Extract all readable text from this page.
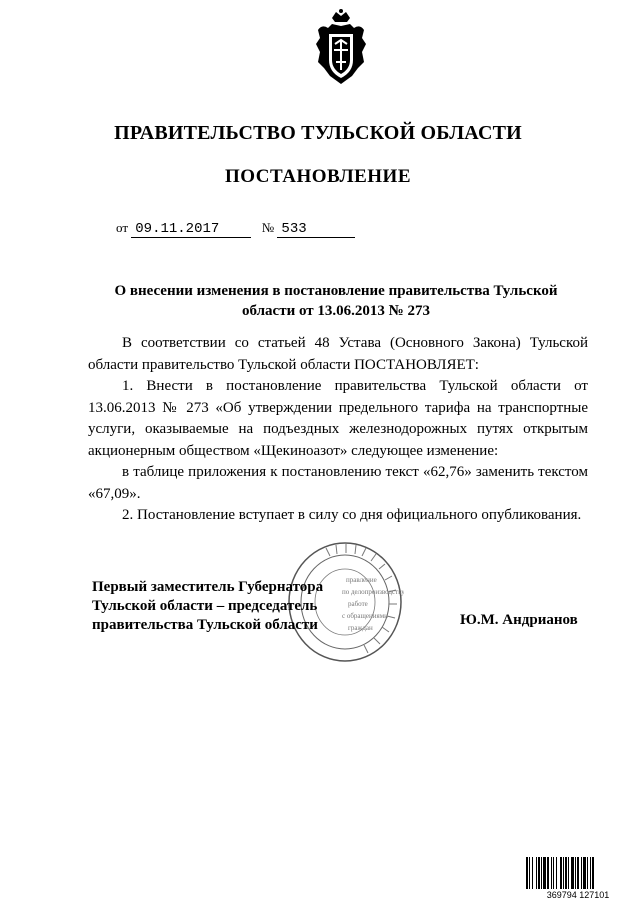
ПРАВИТЕЛЬСТВО ТУЛЬСКОЙ ОБЛАСТИ
ПОСТАНОВЛЕНИЕ
от 09.11.2017	№ 533
О внесении изменения в постановление правительства Тульской области от 13.06.2013 № 273

В соответствии со статьей 48 Устава (Основного Закона) Тульской области правительство Тульской области ПОСТАНОВЛЯЕТ:

1. Внести в постановление правительства Тульской области от 13.06.2013 № 273 «Об утверждении предельного тарифа на транспортные услуги, оказываемые на подъездных железнодорожных путях открытым акционерным обществом «Щекиноазот» следующее изменение:

в таблице приложения к постановлению текст «62,76» заменить текстом «67,09».

2. Постановление вступает в силу со дня официального опубликования.

правление
по делопроизводству
работе
с обращениями
граждан
Первый заместитель Губернатора
Тульской области – председатель
правительства Тульской области	Ю.М. Андрианов
369794 127101
